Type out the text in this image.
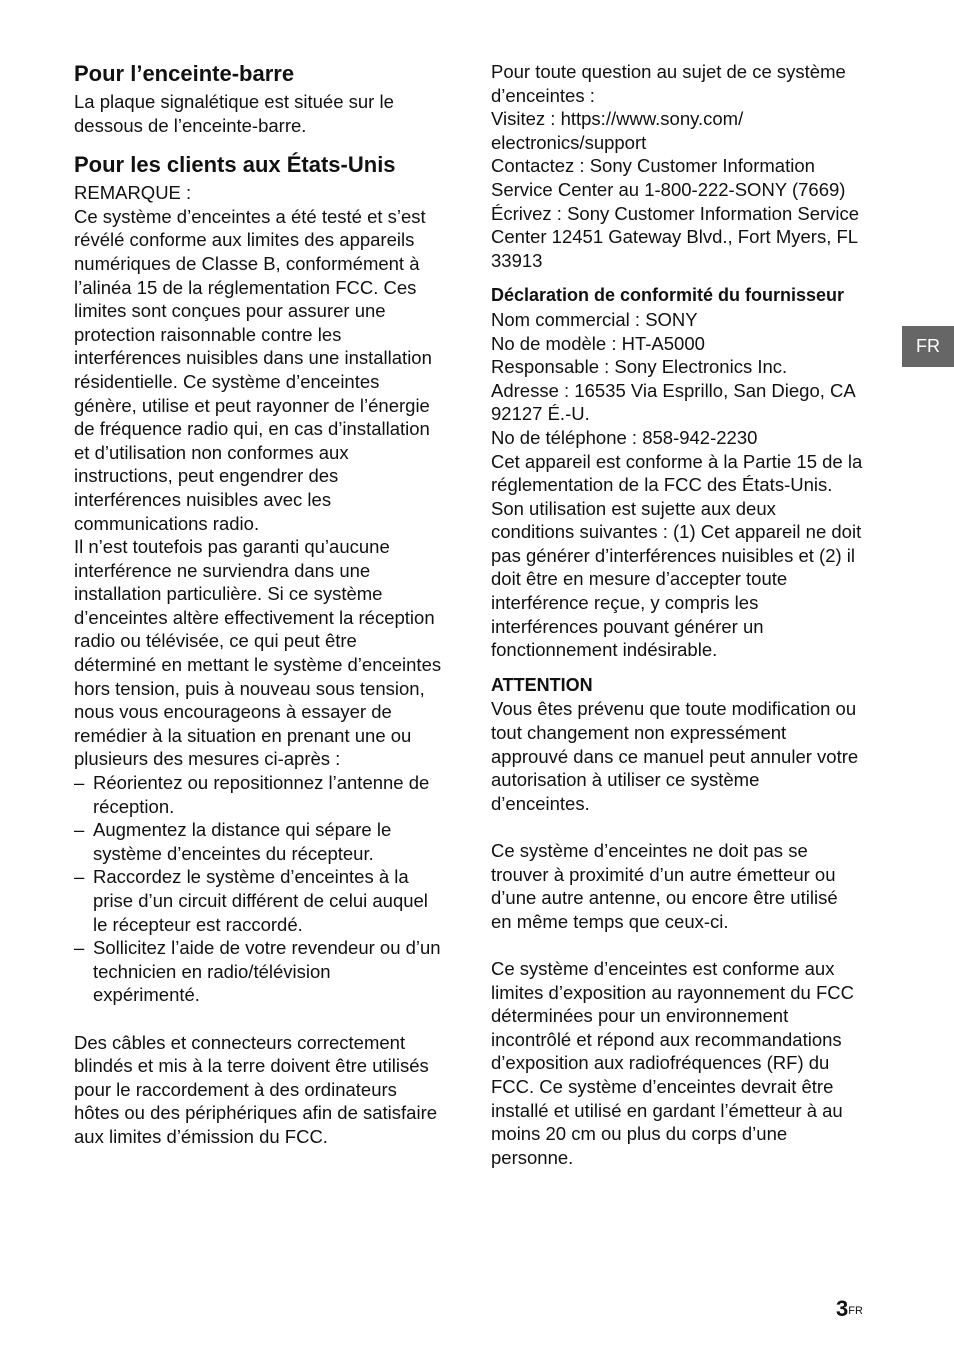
Pour l’enceinte-barre

La plaque signalétique est située sur le dessous de l’enceinte-barre.

Pour les clients aux États-Unis

REMARQUE :

Ce système d’enceintes a été testé et s’est révélé conforme aux limites des appareils numériques de Classe B, conformément à l’alinéa 15 de la réglementation FCC. Ces limites sont conçues pour assurer une protection raisonnable contre les interférences nuisibles dans une installation résidentielle. Ce système d’enceintes génère, utilise et peut rayonner de l’énergie de fréquence radio qui, en cas d’installation et d’utilisation non conformes aux instructions, peut engendrer des interférences nuisibles avec les communications radio.

Il n’est toutefois pas garanti qu’aucune interférence ne surviendra dans une installation particulière. Si ce système d’enceintes altère effectivement la réception radio ou télévisée, ce qui peut être déterminé en mettant le système d’enceintes hors tension, puis à nouveau sous tension, nous vous encourageons à essayer de remédier à la situation en prenant une ou plusieurs des mesures ci-après :

– Réorientez ou repositionnez l’antenne de réception.
– Augmentez la distance qui sépare le système d’enceintes du récepteur.
– Raccordez le système d’enceintes à la prise d’un circuit différent de celui auquel le récepteur est raccordé.
– Sollicitez l’aide de votre revendeur ou d’un technicien en radio/télévision expérimenté.

Des câbles et connecteurs correctement blindés et mis à la terre doivent être utilisés pour le raccordement à des ordinateurs hôtes ou des périphériques afin de satisfaire aux limites d’émission du FCC.

Pour toute question au sujet de ce système d’enceintes :

Visitez : https://www.sony.com/ electronics/support

Contactez : Sony Customer Information Service Center au 1-800-222-SONY (7669)

Écrivez : Sony Customer Information Service Center 12451 Gateway Blvd., Fort Myers, FL 33913

Déclaration de conformité du fournisseur

Nom commercial : SONY

No de modèle : HT-A5000

Responsable : Sony Electronics Inc.

Adresse : 16535 Via Esprillo, San Diego, CA 92127 É.-U.

No de téléphone : 858-942-2230

Cet appareil est conforme à la Partie 15 de la réglementation de la FCC des États-Unis. Son utilisation est sujette aux deux conditions suivantes : (1) Cet appareil ne doit pas générer d’interférences nuisibles et (2) il doit être en mesure d’accepter toute interférence reçue, y compris les interférences pouvant générer un fonctionnement indésirable.

ATTENTION

Vous êtes prévenu que toute modification ou tout changement non expressément approuvé dans ce manuel peut annuler votre autorisation à utiliser ce système d’enceintes.

Ce système d’enceintes ne doit pas se trouver à proximité d’un autre émetteur ou d’une autre antenne, ou encore être utilisé en même temps que ceux-ci.

Ce système d’enceintes est conforme aux limites d’exposition au rayonnement du FCC déterminées pour un environnement incontrôlé et répond aux recommandations d’exposition aux radiofréquences (RF) du FCC. Ce système d’enceintes devrait être installé et utilisé en gardant l’émetteur à au moins 20 cm ou plus du corps d’une personne.

FR
$3^{FR}$
